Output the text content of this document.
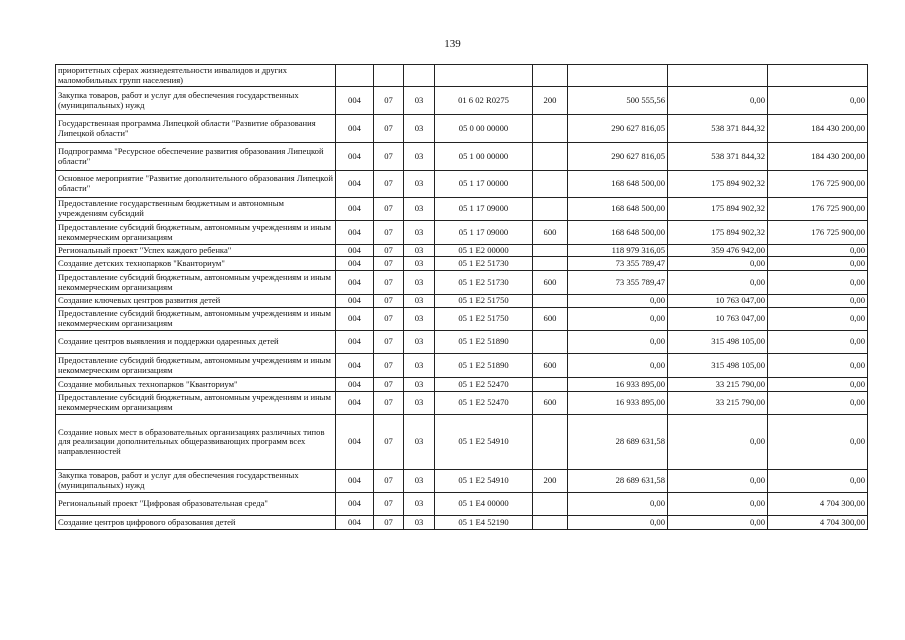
139
приоритетных сферах жизнедеятельности инвалидов и других маломобильных групп населения)								
Закупка товаров, работ и услуг для обеспечения государственных (муниципальных) нужд	004	07	03	01 6 02 R0275	200	500 555,56	0,00	0,00
Государственная программа Липецкой области "Развитие образования Липецкой области"	004	07	03	05 0 00 00000		290 627 816,05	538 371 844,32	184 430 200,00
Подпрограмма "Ресурсное обеспечение развития образования Липецкой области"	004	07	03	05 1 00 00000		290 627 816,05	538 371 844,32	184 430 200,00
Основное мероприятие "Развитие дополнительного образования Липецкой области"	004	07	03	05 1 17 00000		168 648 500,00	175 894 902,32	176 725 900,00
Предоставление государственным бюджетным и автономным учреждениям субсидий	004	07	03	05 1 17 09000		168 648 500,00	175 894 902,32	176 725 900,00
Предоставление субсидий бюджетным, автономным учреждениям и иным некоммерческим организациям	004	07	03	05 1 17 09000	600	168 648 500,00	175 894 902,32	176 725 900,00
Региональный проект "Успех каждого ребенка"	004	07	03	05 1 E2 00000		118 979 316,05	359 476 942,00	0,00
Создание детских технопарков "Кванториум"	004	07	03	05 1 E2 51730		73 355 789,47	0,00	0,00
Предоставление субсидий бюджетным, автономным учреждениям и иным некоммерческим организациям	004	07	03	05 1 E2 51730	600	73 355 789,47	0,00	0,00
Создание ключевых центров развития детей	004	07	03	05 1 E2 51750		0,00	10 763 047,00	0,00
Предоставление субсидий бюджетным, автономным учреждениям и иным некоммерческим организациям	004	07	03	05 1 E2 51750	600	0,00	10 763 047,00	0,00
Создание центров выявления и поддержки одаренных детей	004	07	03	05 1 E2 51890		0,00	315 498 105,00	0,00
Предоставление субсидий бюджетным, автономным учреждениям и иным некоммерческим организациям	004	07	03	05 1 E2 51890	600	0,00	315 498 105,00	0,00
Создание мобильных технопарков "Кванториум"	004	07	03	05 1 E2 52470		16 933 895,00	33 215 790,00	0,00
Предоставление субсидий бюджетным, автономным учреждениям и иным некоммерческим организациям	004	07	03	05 1 E2 52470	600	16 933 895,00	33 215 790,00	0,00
Создание новых мест в образовательных организациях различных типов для реализации дополнительных общеразвивающих программ всех направленностей	004	07	03	05 1 E2 54910		28 689 631,58	0,00	0,00
Закупка товаров, работ и услуг для обеспечения государственных (муниципальных) нужд	004	07	03	05 1 E2 54910	200	28 689 631,58	0,00	0,00
Региональный проект "Цифровая образовательная среда"	004	07	03	05 1 E4 00000		0,00	0,00	4 704 300,00
Создание центров цифрового образования детей	004	07	03	05 1 E4 52190		0,00	0,00	4 704 300,00
